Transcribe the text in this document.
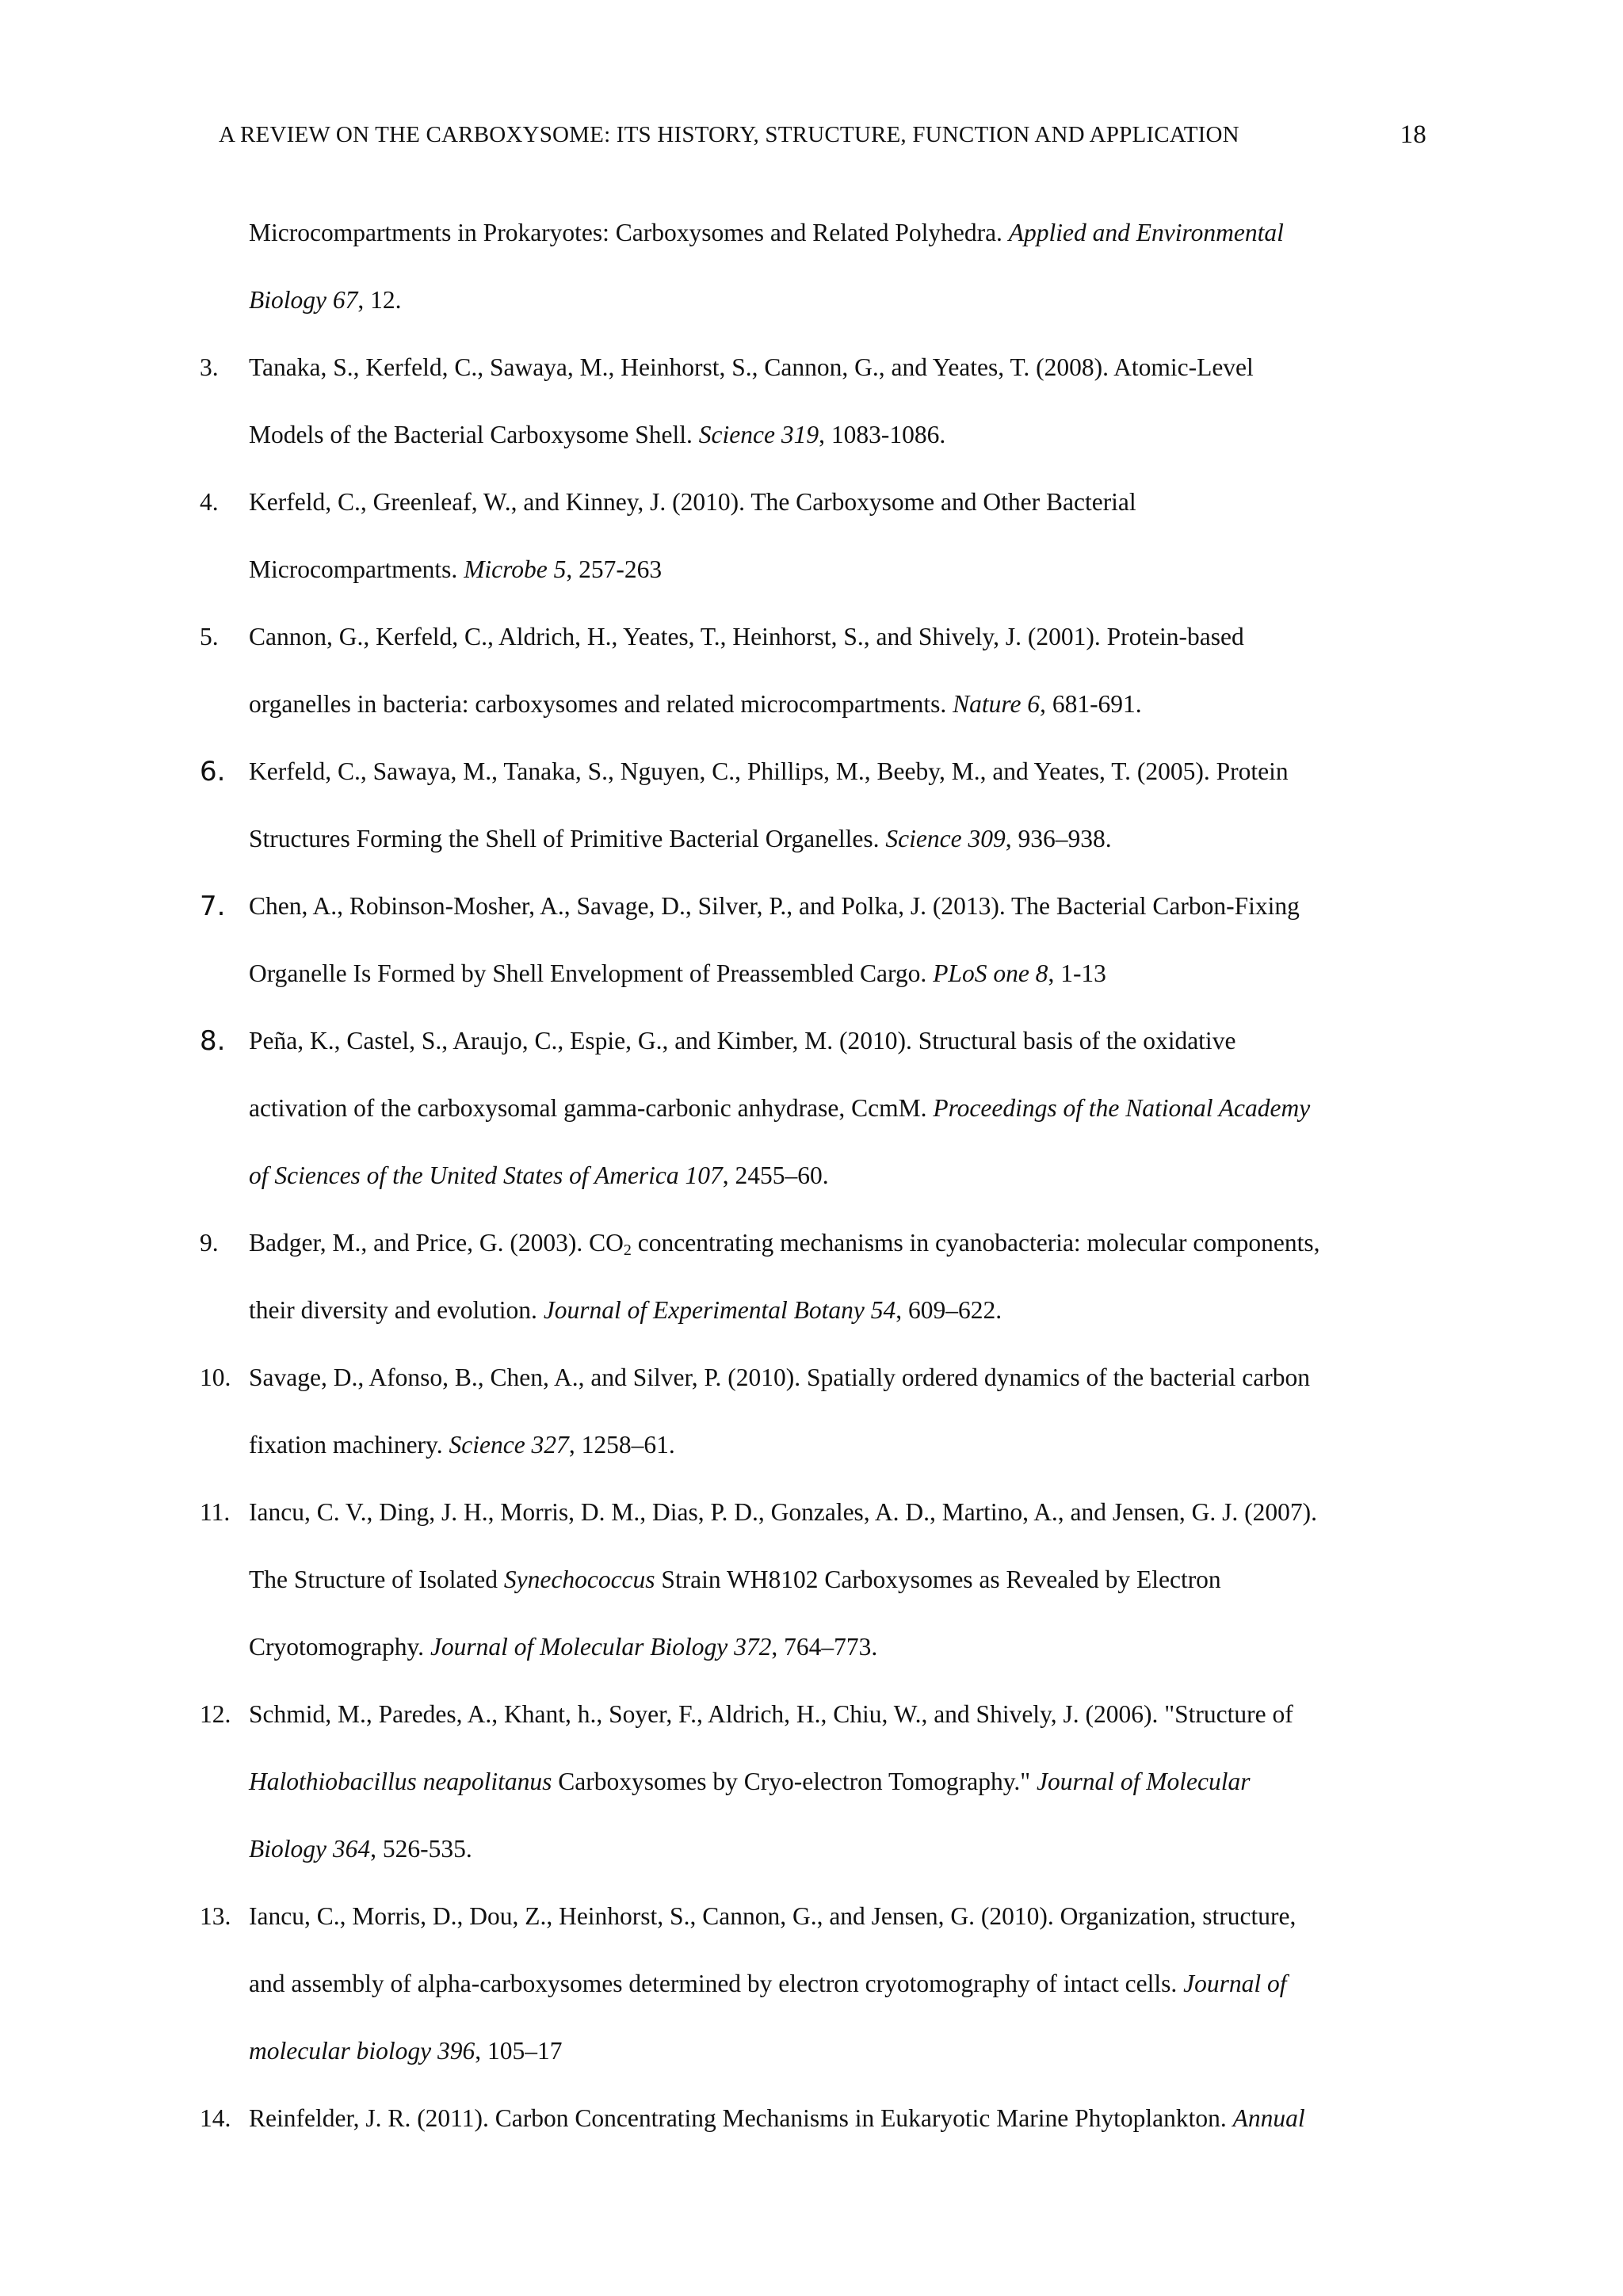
A REVIEW ON THE CARBOXYSOME: ITS HISTORY, STRUCTURE, FUNCTION AND APPLICATION	18
Microcompartments in Prokaryotes: Carboxysomes and Related Polyhedra. Applied and Environmental
Biology 67, 12.
3.	Tanaka, S., Kerfeld, C., Sawaya, M., Heinhorst, S., Cannon, G., and Yeates, T. (2008). Atomic-Level
Models of the Bacterial Carboxysome Shell. Science 319, 1083-1086.
4.	Kerfeld, C., Greenleaf, W., and Kinney, J. (2010). The Carboxysome and Other Bacterial
Microcompartments. Microbe 5, 257-263
5.	Cannon, G., Kerfeld, C., Aldrich, H., Yeates, T., Heinhorst, S., and Shively, J. (2001). Protein-based
organelles in bacteria: carboxysomes and related microcompartments. Nature 6, 681-691.
6. Kerfeld, C., Sawaya, M., Tanaka, S., Nguyen, C., Phillips, M., Beeby, M., and Yeates, T. (2005). Protein
Structures Forming the Shell of Primitive Bacterial Organelles. Science 309, 936–938.
7. Chen, A., Robinson-Mosher, A., Savage, D., Silver, P., and Polka, J. (2013). The Bacterial Carbon-Fixing
Organelle Is Formed by Shell Envelopment of Preassembled Cargo. PLoS one 8, 1-13
8. Peña, K., Castel, S., Araujo, C., Espie, G., and Kimber, M. (2010). Structural basis of the oxidative
activation of the carboxysomal gamma-carbonic anhydrase, CcmM. Proceedings of the National Academy
of Sciences of the United States of America 107, 2455–60.
9.	Badger, M., and Price, G. (2003). $CO_2$ concentrating mechanisms in cyanobacteria: molecular components,
their diversity and evolution. Journal of Experimental Botany 54, 609–622.
10. Savage, D., Afonso, B., Chen, A., and Silver, P. (2010). Spatially ordered dynamics of the bacterial carbon
fixation machinery. Science 327, 1258–61.
11. Iancu, C. V., Ding, J. H., Morris, D. M., Dias, P. D., Gonzales, A. D., Martino, A., and Jensen, G. J. (2007).
The Structure of Isolated Synechococcus Strain WH8102 Carboxysomes as Revealed by Electron
Cryotomography. Journal of Molecular Biology 372, 764–773.
12. Schmid, M., Paredes, A., Khant, h., Soyer, F., Aldrich, H., Chiu, W., and Shively, J. (2006). "Structure of
Halothiobacillus neapolitanus Carboxysomes by Cryo-electron Tomography." Journal of Molecular
Biology 364, 526-535.
13. Iancu, C., Morris, D., Dou, Z., Heinhorst, S., Cannon, G., and Jensen, G. (2010). Organization, structure,
and assembly of alpha-carboxysomes determined by electron cryotomography of intact cells. Journal of
molecular biology 396, 105–17
14. Reinfelder, J. R. (2011). Carbon Concentrating Mechanisms in Eukaryotic Marine Phytoplankton. Annual
